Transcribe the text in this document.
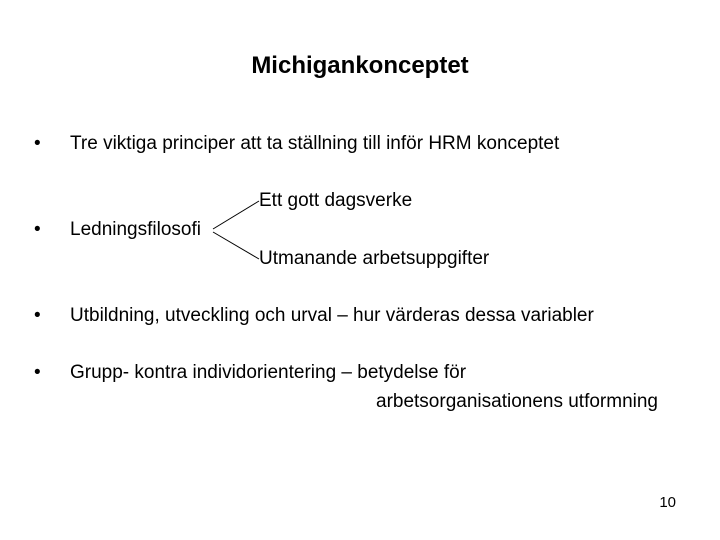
Michigankonceptet
• Tre viktiga principer att ta ställning till inför HRM konceptet
Ett gott dagsverke
• Ledningsfilosofi
Utmanande arbetsuppgifter
• Utbildning, utveckling och urval – hur värderas dessa variabler
• Grupp- kontra individorientering – betydelse för
arbetsorganisationens utformning
10
